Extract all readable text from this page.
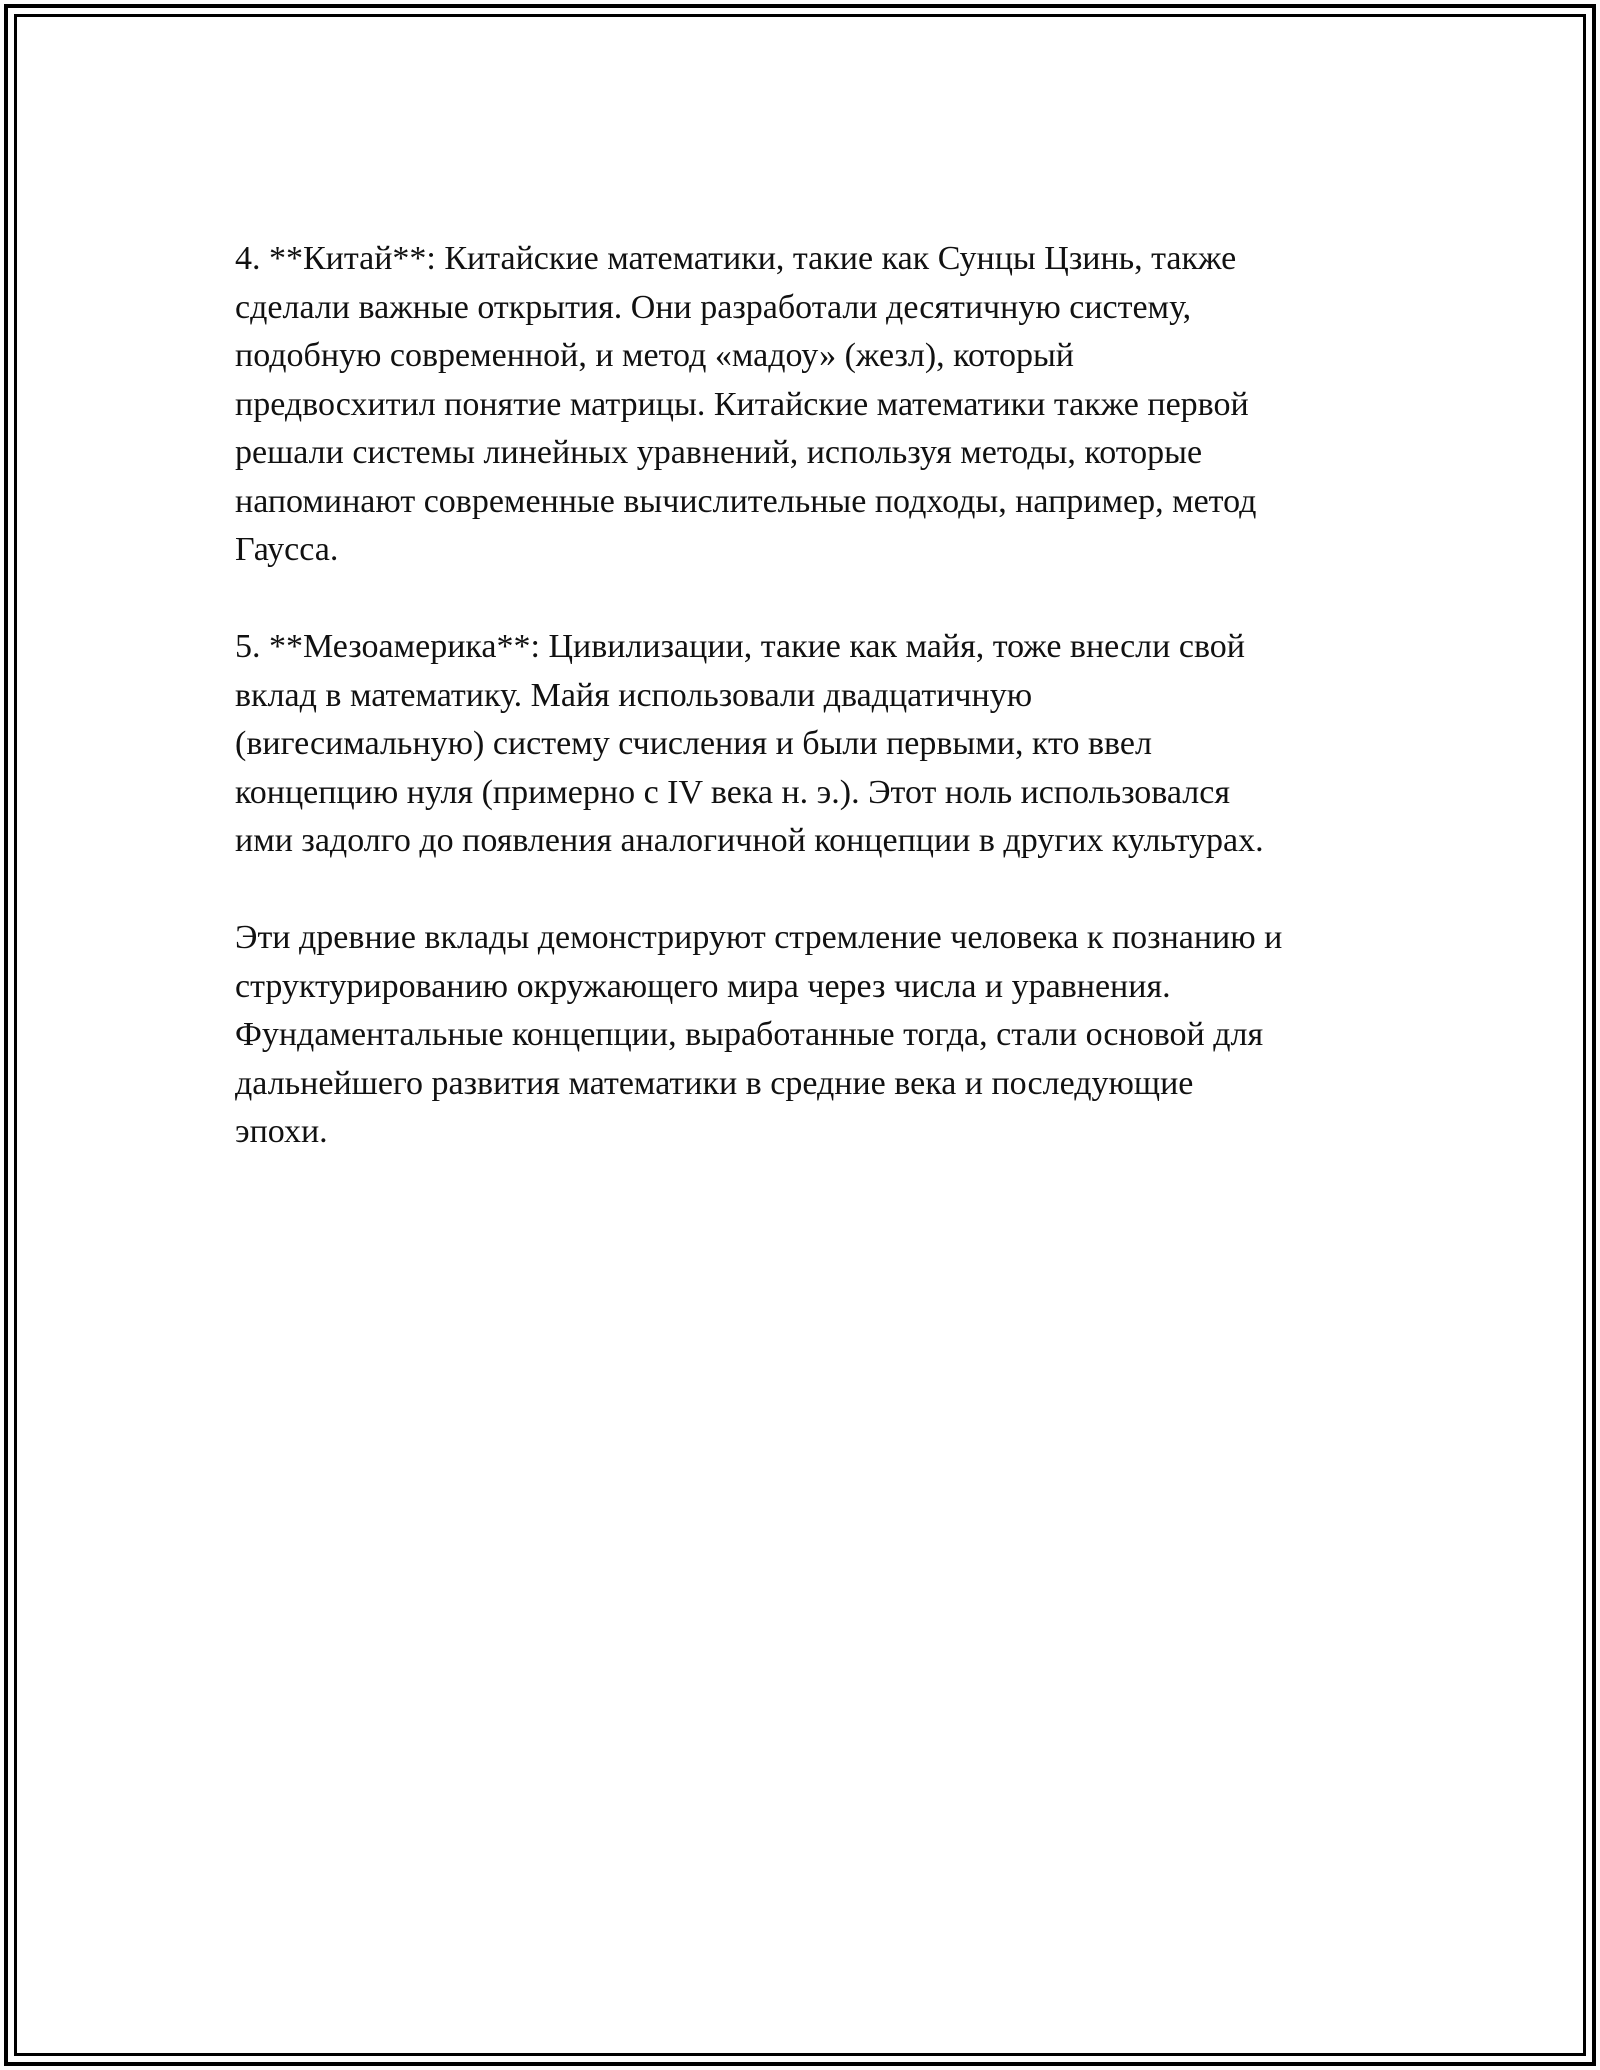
4. **Китай**: Китайские математики, такие как Сунцы Цзинь, также
сделали важные открытия. Они разработали десятичную систему,
подобную современной, и метод «мадоу» (жезл), который
предвосхитил понятие матрицы. Китайские математики также первой
решали системы линейных уравнений, используя методы, которые
напоминают современные вычислительные подходы, например, метод
Гаусса.

5. **Мезоамерика**: Цивилизации, такие как майя, тоже внесли свой
вклад в математику. Майя использовали двадцатичную
(вигесимальную) систему счисления и были первыми, кто ввел
концепцию нуля (примерно с IV века н. э.). Этот ноль использовался
ими задолго до появления аналогичной концепции в других культурах.

Эти древние вклады демонстрируют стремление человека к познанию и
структурированию окружающего мира через числа и уравнения.
Фундаментальные концепции, выработанные тогда, стали основой для
дальнейшего развития математики в средние века и последующие
эпохи.
